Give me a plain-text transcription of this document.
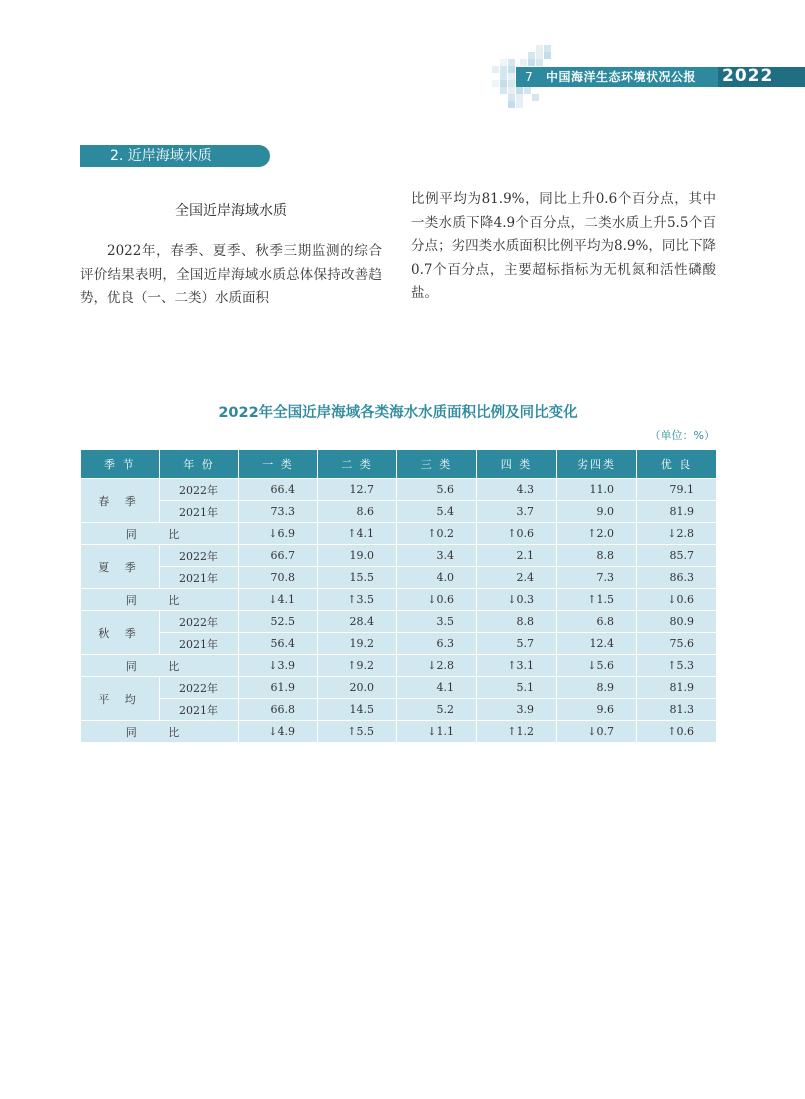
7	中国海洋生态环境状况公报 2022
2. 近岸海域水质
全国近岸海域水质

2022年，春季、夏季、秋季三期监测的综合评价结果表明，全国近岸海域水质总体保持改善趋势，优良（一、二类）水质面积

比例平均为81.9%，同比上升0.6个百分点，其中一类水质下降4.9个百分点，二类水质上升5.5个百分点；劣四类水质面积比例平均为8.9%，同比下降0.7个百分点，主要超标指标为无机氮和活性磷酸盐。

2022年全国近岸海域各类海水水质面积比例及同比变化
（单位：%）
季 节	年 份	一 类	二 类	三 类	四 类	劣四类	优 良
春 季	2022年	66.4	12.7	5.6	4.3	11.0	79.1
	2021年	73.3	8.6	5.4	3.7	9.0	81.9
同 比		↓6.9	↑4.1	↑0.2	↑0.6	↑2.0	↓2.8
夏 季	2022年	66.7	19.0	3.4	2.1	8.8	85.7
	2021年	70.8	15.5	4.0	2.4	7.3	86.3
同 比		↓4.1	↑3.5	↓0.6	↓0.3	↑1.5	↓0.6
秋 季	2022年	52.5	28.4	3.5	8.8	6.8	80.9
	2021年	56.4	19.2	6.3	5.7	12.4	75.6
同 比		↓3.9	↑9.2	↓2.8	↑3.1	↓5.6	↑5.3
平 均	2022年	61.9	20.0	4.1	5.1	8.9	81.9
	2021年	66.8	14.5	5.2	3.9	9.6	81.3
同 比		↓4.9	↑5.5	↓1.1	↑1.2	↓0.7	↑0.6
